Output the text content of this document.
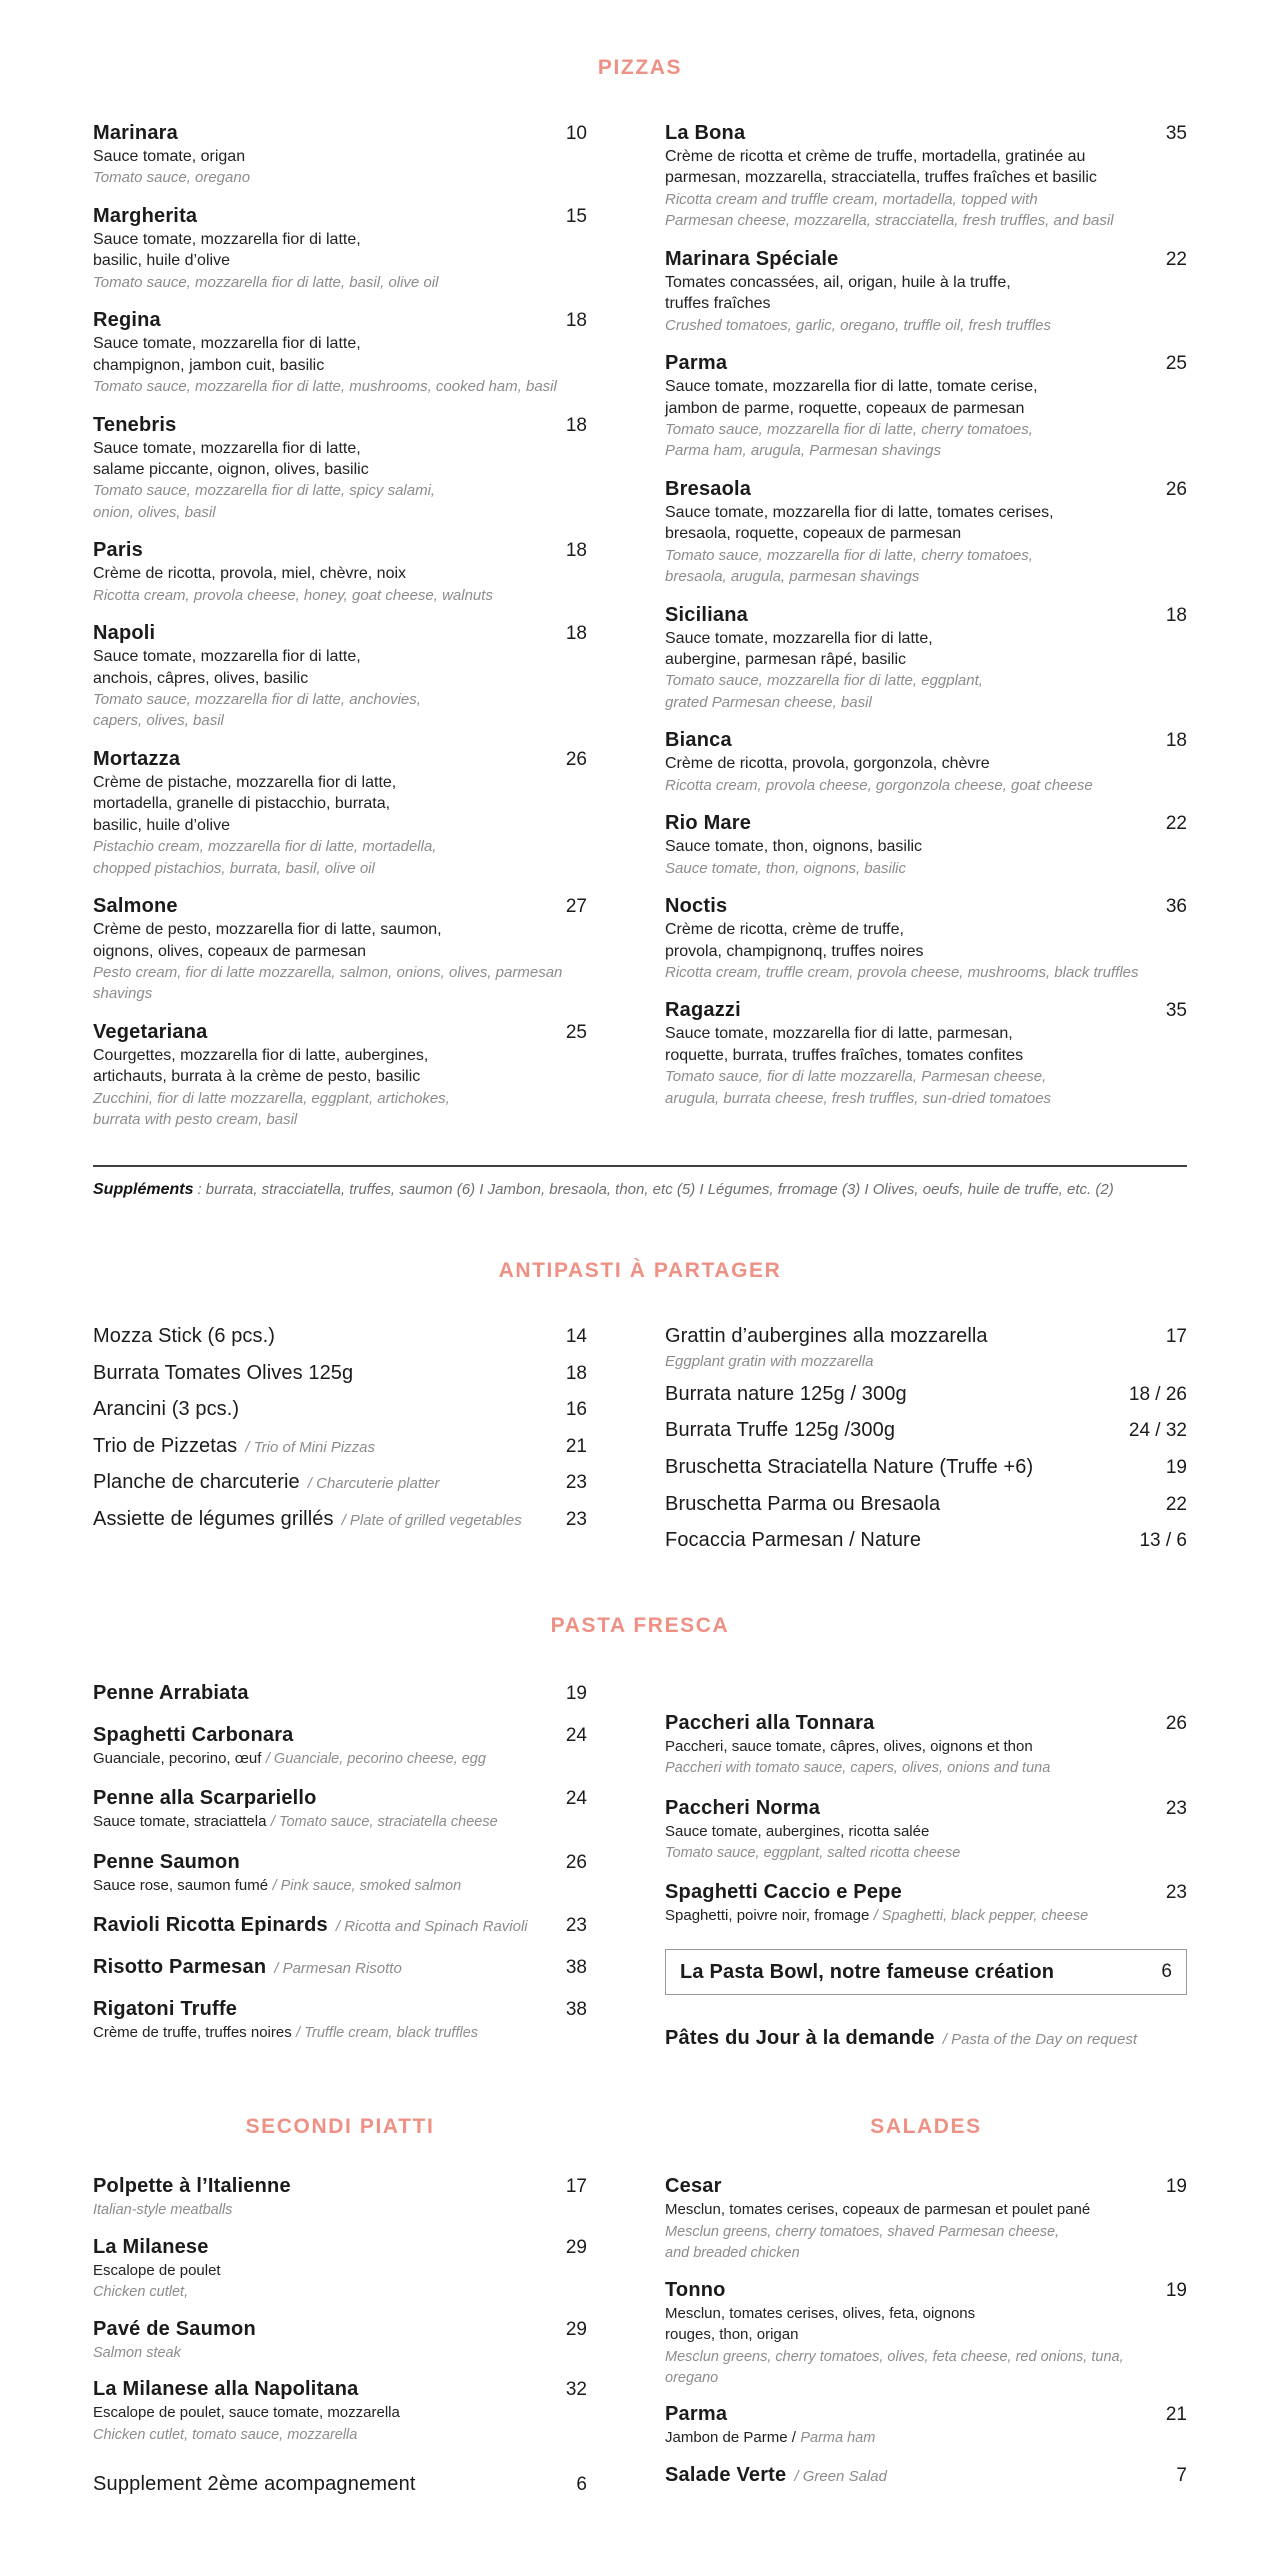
PIZZAS
Marinara	10
Sauce tomate, origan
Tomato sauce, oregano
Margherita	15
Sauce tomate, mozzarella fior di latte,
basilic, huile d’olive
Tomato sauce, mozzarella fior di latte, basil, olive oil
Regina	18
Sauce tomate, mozzarella fior di latte,
champignon, jambon cuit, basilic
Tomato sauce, mozzarella fior di latte, mushrooms, cooked ham, basil
Tenebris	18
Sauce tomate, mozzarella fior di latte,
salame piccante, oignon, olives, basilic
Tomato sauce, mozzarella fior di latte, spicy salami,
onion, olives, basil
Paris	18
Crème de ricotta, provola, miel, chèvre, noix
Ricotta cream, provola cheese, honey, goat cheese, walnuts
Napoli	18
Sauce tomate, mozzarella fior di latte,
anchois, câpres, olives, basilic
Tomato sauce, mozzarella fior di latte, anchovies,
capers, olives, basil
Mortazza	26
Crème de pistache, mozzarella fior di latte,
mortadella, granelle di pistacchio, burrata,
basilic, huile d’olive
Pistachio cream, mozzarella fior di latte, mortadella,
chopped pistachios, burrata, basil, olive oil
Salmone	27
Crème de pesto, mozzarella fior di latte, saumon,
oignons, olives, copeaux de parmesan
Pesto cream, fior di latte mozzarella, salmon, onions, olives, parmesan
shavings
Vegetariana	25
Courgettes, mozzarella fior di latte, aubergines,
artichauts, burrata à la crème de pesto, basilic
Zucchini, fior di latte mozzarella, eggplant, artichokes,
burrata with pesto cream, basil
La Bona	35
Crème de ricotta et crème de truffe, mortadella, gratinée au
parmesan, mozzarella, stracciatella, truffes fraîches et basilic
Ricotta cream and truffle cream, mortadella, topped with
Parmesan cheese, mozzarella, stracciatella, fresh truffles, and basil
Marinara Spéciale	22
Tomates concassées, ail, origan, huile à la truffe,
truffes fraîches
Crushed tomatoes, garlic, oregano, truffle oil, fresh truffles
Parma	25
Sauce tomate, mozzarella fior di latte, tomate cerise,
jambon de parme, roquette, copeaux de parmesan
Tomato sauce, mozzarella fior di latte, cherry tomatoes,
Parma ham, arugula, Parmesan shavings
Bresaola	26
Sauce tomate, mozzarella fior di latte, tomates cerises,
bresaola, roquette, copeaux de parmesan
Tomato sauce, mozzarella fior di latte, cherry tomatoes,
bresaola, arugula, parmesan shavings
Siciliana	18
Sauce tomate, mozzarella fior di latte,
aubergine, parmesan râpé, basilic
Tomato sauce, mozzarella fior di latte, eggplant,
grated Parmesan cheese, basil
Bianca	18
Crème de ricotta, provola, gorgonzola, chèvre
Ricotta cream, provola cheese, gorgonzola cheese, goat cheese
Rio Mare	22
Sauce tomate, thon, oignons, basilic
Sauce tomate, thon, oignons, basilic
Noctis	36
Crème de ricotta, crème de truffe,
provola, champignonq, truffes noires
Ricotta cream, truffle cream, provola cheese, mushrooms, black truffles
Ragazzi	35
Sauce tomate, mozzarella fior di latte, parmesan,
roquette, burrata, truffes fraîches, tomates confites
Tomato sauce, fior di latte mozzarella, Parmesan cheese,
arugula, burrata cheese, fresh truffles, sun-dried tomatoes
Suppléments : burrata, stracciatella, truffes, saumon (6) I Jambon, bresaola, thon, etc (5) I Légumes, frromage (3) I Olives, oeufs, huile de truffe, etc. (2)
ANTIPASTI À PARTAGER
Mozza Stick (6 pcs.)	14
Burrata Tomates Olives 125g	18
Arancini (3 pcs.)	16
Trio de Pizzetas / Trio of Mini Pizzas	21
Planche de charcuterie / Charcuterie platter	23
Assiette de légumes grillés / Plate of grilled vegetables	23
Grattin d’aubergines alla mozzarella	17
Eggplant gratin with mozzarella
Burrata nature 125g / 300g	18 / 26
Burrata Truffe 125g /300g	24 / 32
Bruschetta Straciatella Nature (Truffe +6)	19
Bruschetta Parma ou Bresaola	22
Focaccia Parmesan / Nature	13 / 6
PASTA FRESCA
Penne Arrabiata	19
Spaghetti Carbonara	24
Guanciale, pecorino, œuf / Guanciale, pecorino cheese, egg
Penne alla Scarpariello	24
Sauce tomate, straciattela / Tomato sauce, straciatella cheese
Penne Saumon	26
Sauce rose, saumon fumé / Pink sauce, smoked salmon
Ravioli Ricotta Epinards / Ricotta and Spinach Ravioli	23
Risotto Parmesan / Parmesan Risotto	38
Rigatoni Truffe	38
Crème de truffe, truffes noires / Truffle cream, black truffles
Paccheri alla Tonnara	26
Paccheri, sauce tomate, câpres, olives, oignons et thon
Paccheri with tomato sauce, capers, olives, onions and tuna
Paccheri Norma	23
Sauce tomate, aubergines, ricotta salée
Tomato sauce, eggplant, salted ricotta cheese
Spaghetti Caccio e Pepe	23
Spaghetti, poivre noir, fromage / Spaghetti, black pepper, cheese
La Pasta Bowl, notre fameuse création	6
Pâtes du Jour à la demande / Pasta of the Day on request
SECONDI PIATTI
Polpette à l’Italienne	17
Italian-style meatballs
La Milanese	29
Escalope de poulet
Chicken cutlet,
Pavé de Saumon	29
Salmon steak
La Milanese alla Napolitana	32
Escalope de poulet, sauce tomate, mozzarella
Chicken cutlet, tomato sauce, mozzarella
Supplement 2ème acompagnement	6
SALADES
Cesar	19
Mesclun, tomates cerises, copeaux de parmesan et poulet pané
Mesclun greens, cherry tomatoes, shaved Parmesan cheese,
and breaded chicken
Tonno	19
Mesclun, tomates cerises, olives, feta, oignons
rouges, thon, origan
Mesclun greens, cherry tomatoes, olives, feta cheese, red onions, tuna,
oregano
Parma	21
Jambon de Parme / Parma ham
Salade Verte / Green Salad	7
